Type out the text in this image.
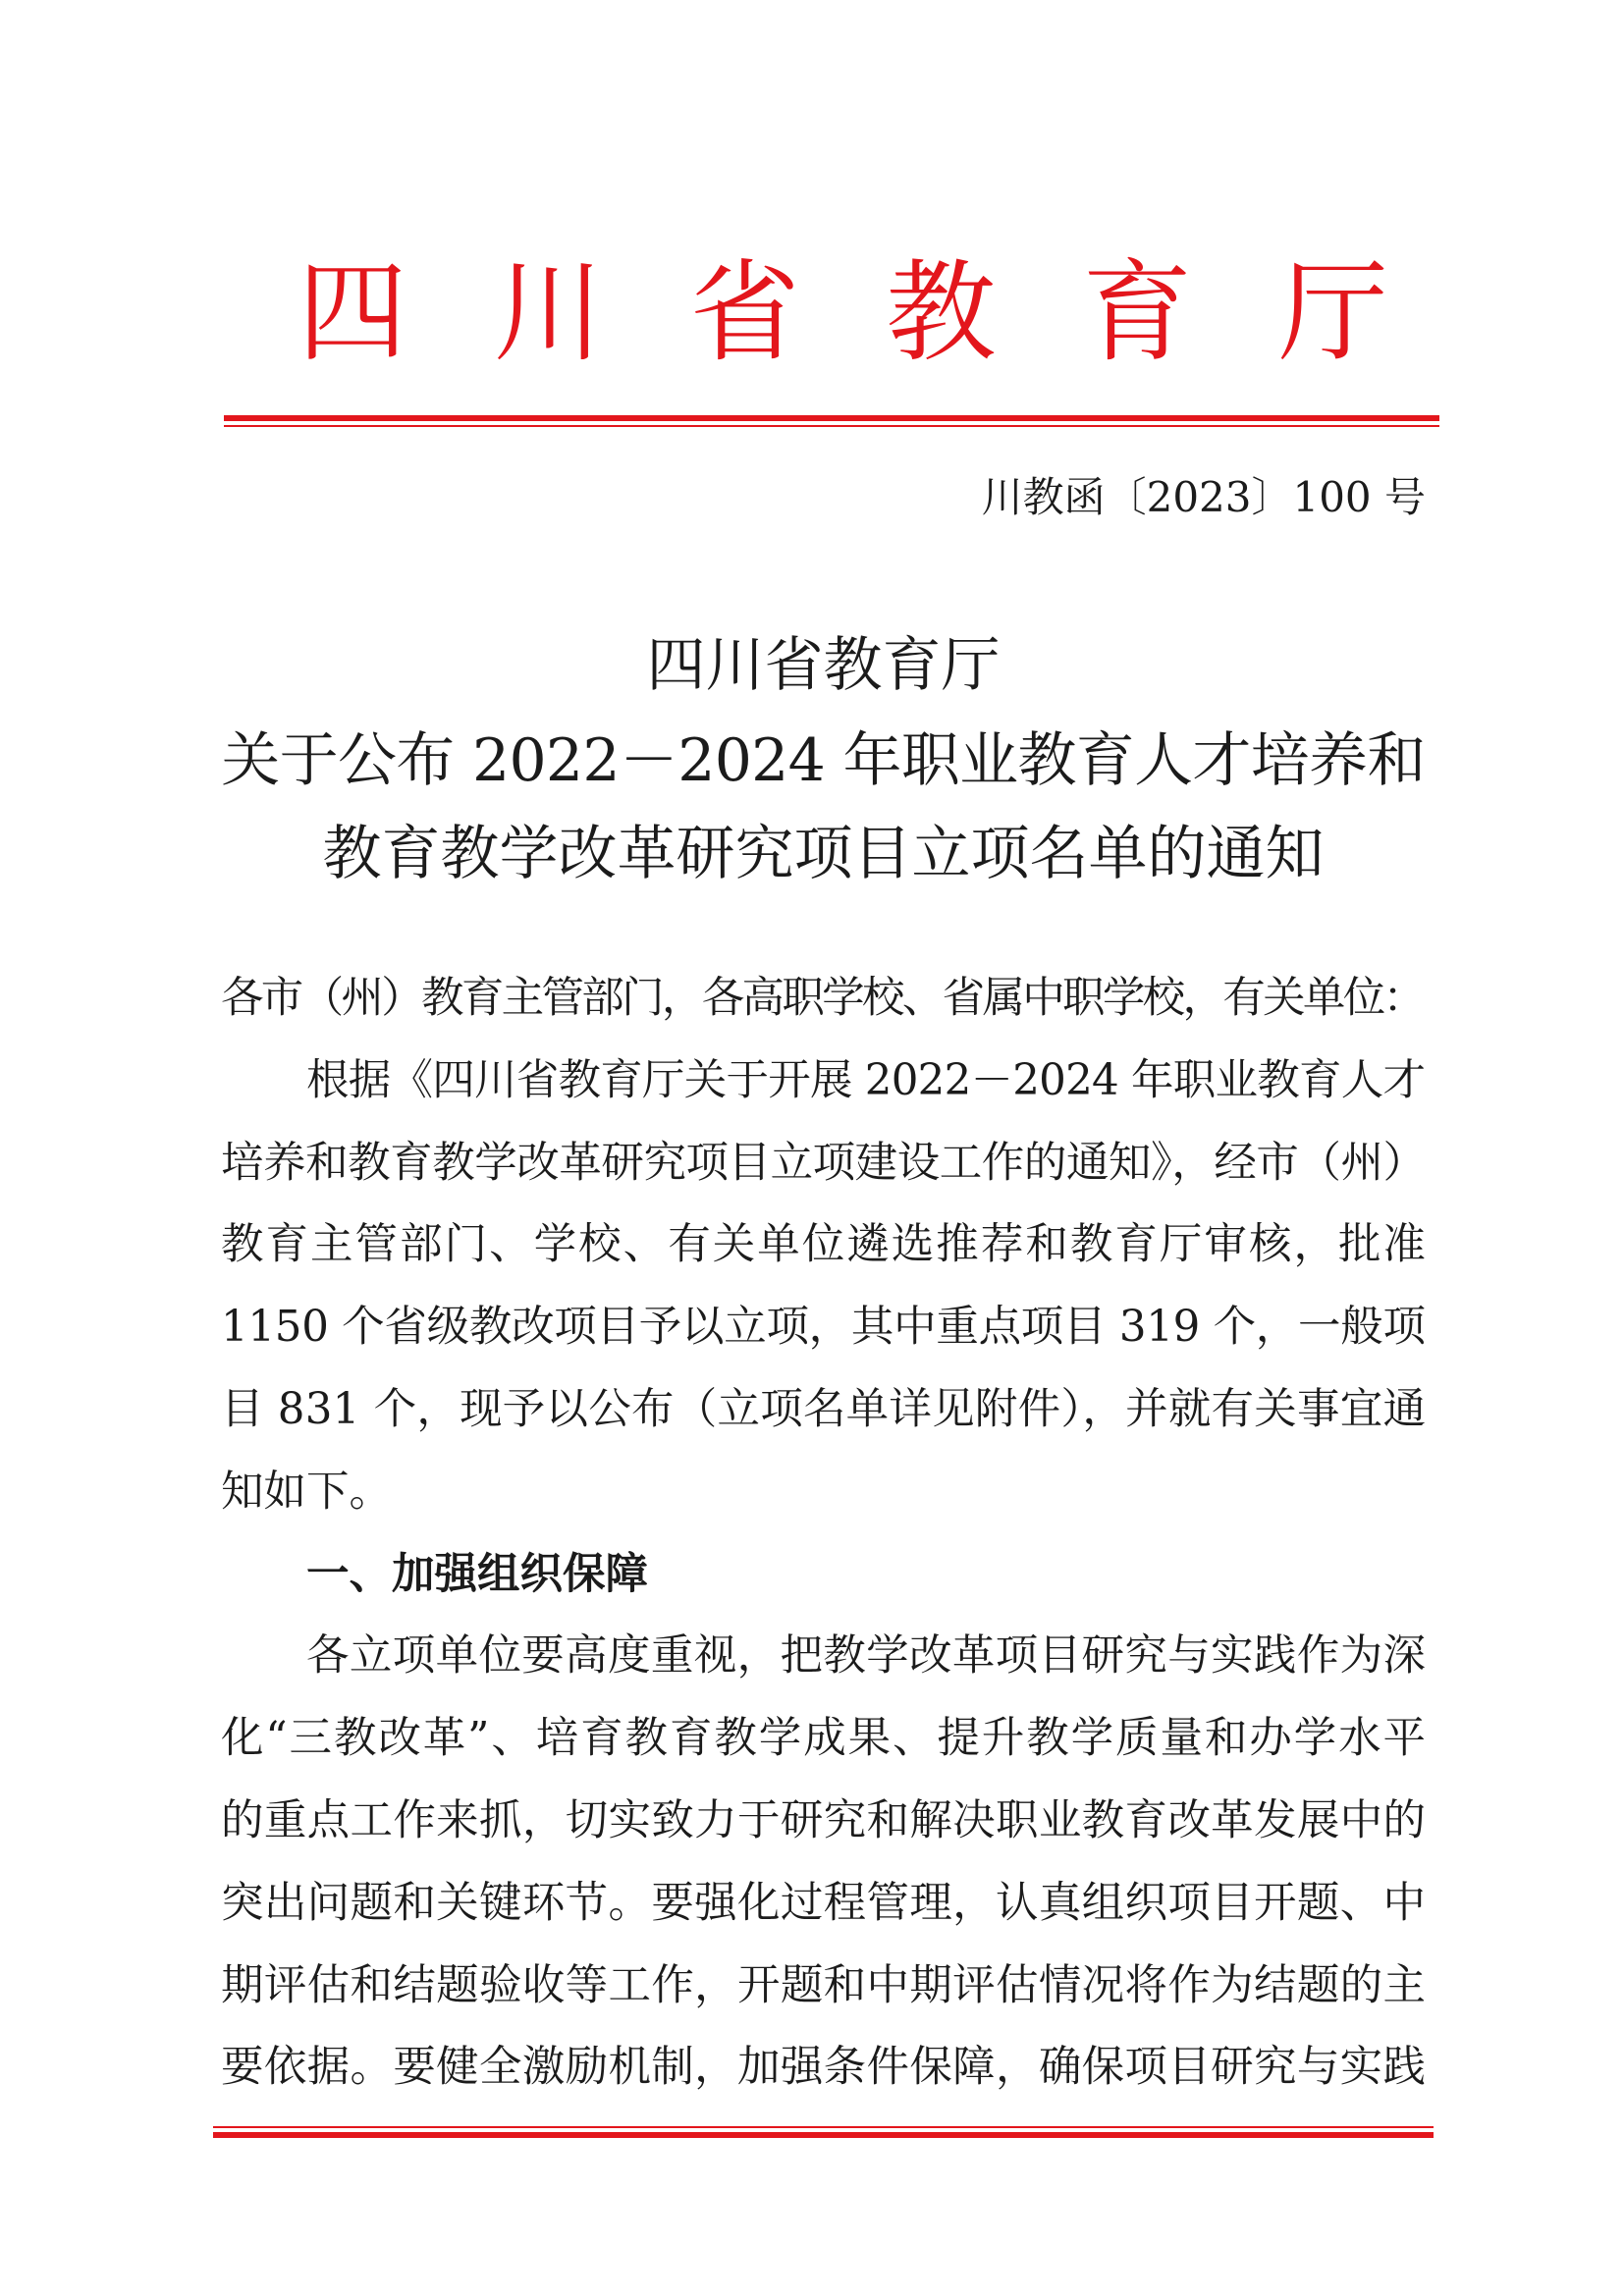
四川省教育厅
川教函〔2023〕100 号
四川省教育厅
关于公布 2022－2024 年职业教育人才培养和
教育教学改革研究项目立项名单的通知
各市（州）教育主管部门，各高职学校、省属中职学校，有关单位：
根据《四川省教育厅关于开展 2022－2024 年职业教育人才
培养和教育教学改革研究项目立项建设工作的通知》，经市（州）
教育主管部门、学校、有关单位遴选推荐和教育厅审核，批准
1150 个省级教改项目予以立项，其中重点项目 319 个，一般项
目 831 个，现予以公布（立项名单详见附件），并就有关事宜通
知如下。
一、加强组织保障
各立项单位要高度重视，把教学改革项目研究与实践作为深
化“三教改革”、培育教育教学成果、提升教学质量和办学水平
的重点工作来抓，切实致力于研究和解决职业教育改革发展中的
突出问题和关键环节。要强化过程管理，认真组织项目开题、中
期评估和结题验收等工作，开题和中期评估情况将作为结题的主
要依据。要健全激励机制，加强条件保障，确保项目研究与实践
